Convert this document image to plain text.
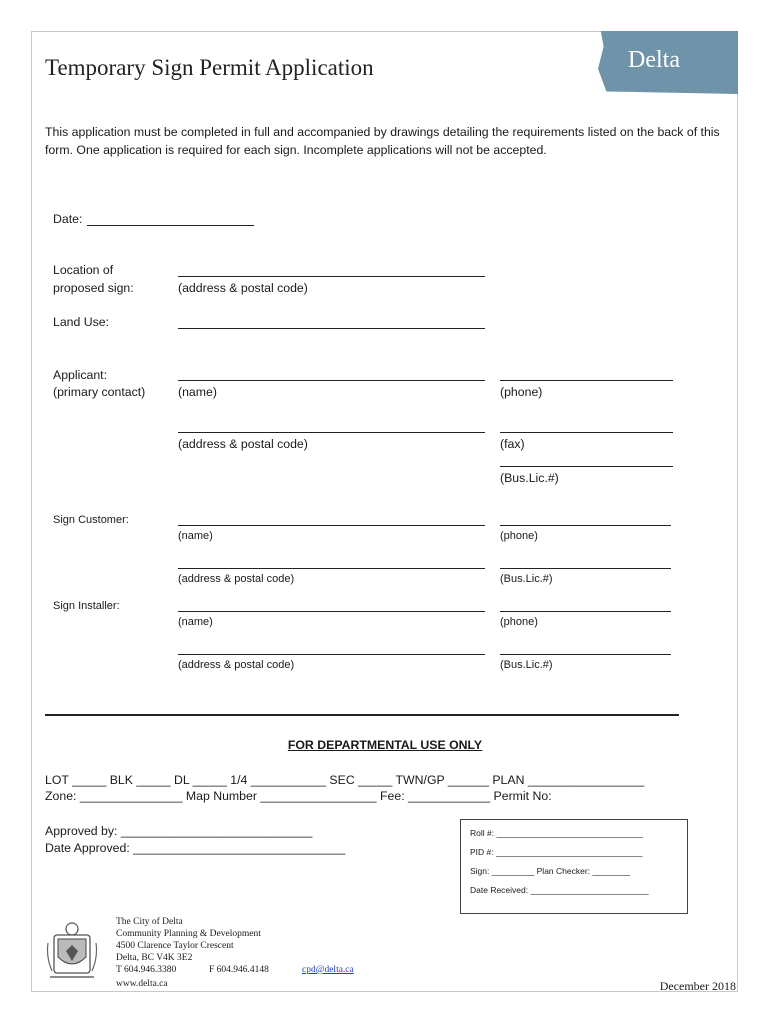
Temporary Sign Permit Application	Delta
This application must be completed in full and accompanied by drawings detailing the requirements listed on the back of this form. One application is required for each sign. Incomplete applications will not be accepted.
Date:
Location of
proposed sign:	(address & postal code)
Land Use:
Applicant:
(primary contact)	(name)	(phone)
(address & postal code)	(fax)
(Bus.Lic.#)
Sign Customer:
(name)	(phone)
(address & postal code)	(Bus.Lic.#)
Sign Installer:
(name)	(phone)
(address & postal code)	(Bus.Lic.#)
FOR DEPARTMENTAL USE ONLY
LOT _____ BLK _____ DL _____ 1/4 ___________ SEC _____ TWN/GP ______ PLAN _________________
Zone: _______________ Map Number _________________ Fee: ____________ Permit No:
Approved by: ____________________________
Date Approved: _______________________________
Roll #: _______________________________
PID #: _______________________________
Sign: _________ Plan Checker: ________
Date Received: _________________________
The City of Delta
Community Planning & Development
4500 Clarence Taylor Crescent
Delta, BC V4K 3E2
T 604.946.3380	F 604.946.4148	cpd@delta.ca
www.delta.ca	December 2018
